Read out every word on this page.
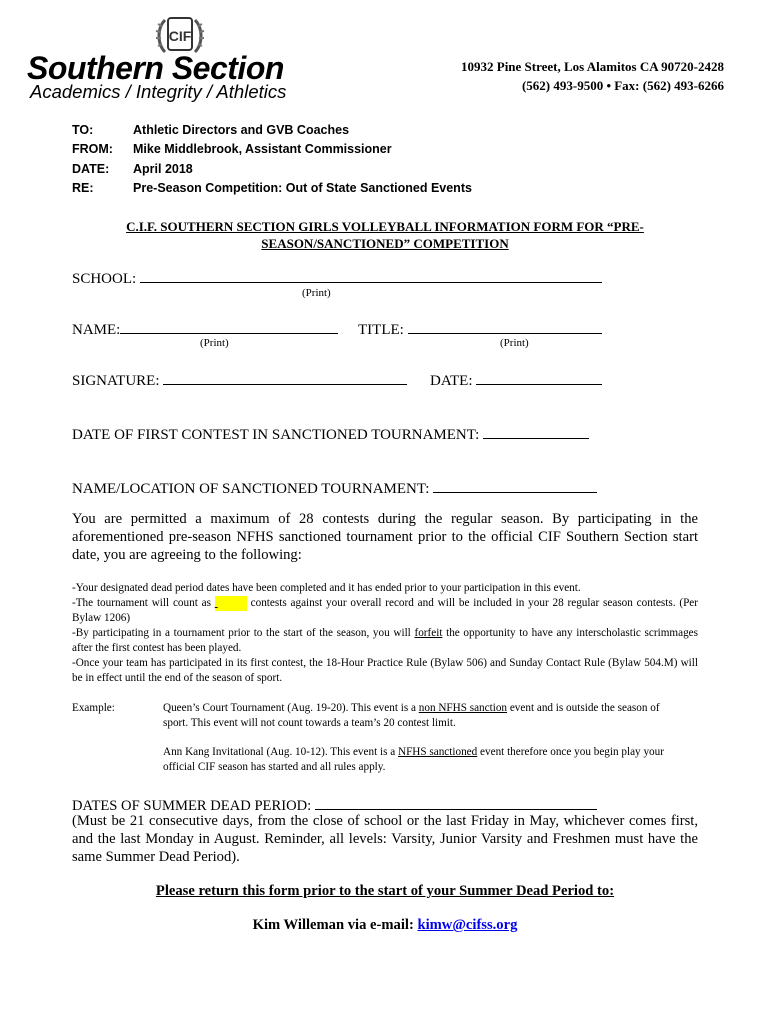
CIF
Southern Section
Academics / Integrity / Athletics
10932 Pine Street, Los Alamitos CA 90720-2428
(562) 493-9500 • Fax: (562) 493-6266
TO:	Athletic Directors and GVB Coaches
FROM: Mike Middlebrook, Assistant Commissioner
DATE: April 2018
RE:	Pre-Season Competition: Out of State Sanctioned Events
C.I.F. SOUTHERN SECTION GIRLS VOLLEYBALL INFORMATION FORM FOR “PRE-
SEASON/SANCTIONED” COMPETITION
SCHOOL:
(Print)
NAME:	TITLE:
(Print)	(Print)
SIGNATURE:	DATE:
DATE OF FIRST CONTEST IN SANCTIONED TOURNAMENT:
NAME/LOCATION OF SANCTIONED TOURNAMENT:
You are permitted a maximum of 28 contests during the regular season. By participating in the aforementioned pre-season NFHS sanctioned tournament prior to the official CIF Southern Section start date, you are agreeing to the following:
-Your designated dead period dates have been completed and it has ended prior to your participation in this event.
-The tournament will count as	contests against your overall record and will be included in your 28 regular season contests. (Per Bylaw 1206)
-By participating in a tournament prior to the start of the season, you will forfeit the opportunity to have any interscholastic scrimmages after the first contest has been played.
-Once your team has participated in its first contest, the 18-Hour Practice Rule (Bylaw 506) and Sunday Contact Rule (Bylaw 504.M) will be in effect until the end of the season of sport.
Example:	Queen’s Court Tournament (Aug. 19-20). This event is a non NFHS sanction event and is outside the season of sport. This event will not count towards a team’s 20 contest limit.
Ann Kang Invitational (Aug. 10-12). This event is a NFHS sanctioned event therefore once you begin play your official CIF season has started and all rules apply.
DATES OF SUMMER DEAD PERIOD:
(Must be 21 consecutive days, from the close of school or the last Friday in May, whichever comes first, and the last Monday in August. Reminder, all levels: Varsity, Junior Varsity and Freshmen must have the same Summer Dead Period).
Please return this form prior to the start of your Summer Dead Period to:
Kim Willeman via e-mail: kimw@cifss.org
